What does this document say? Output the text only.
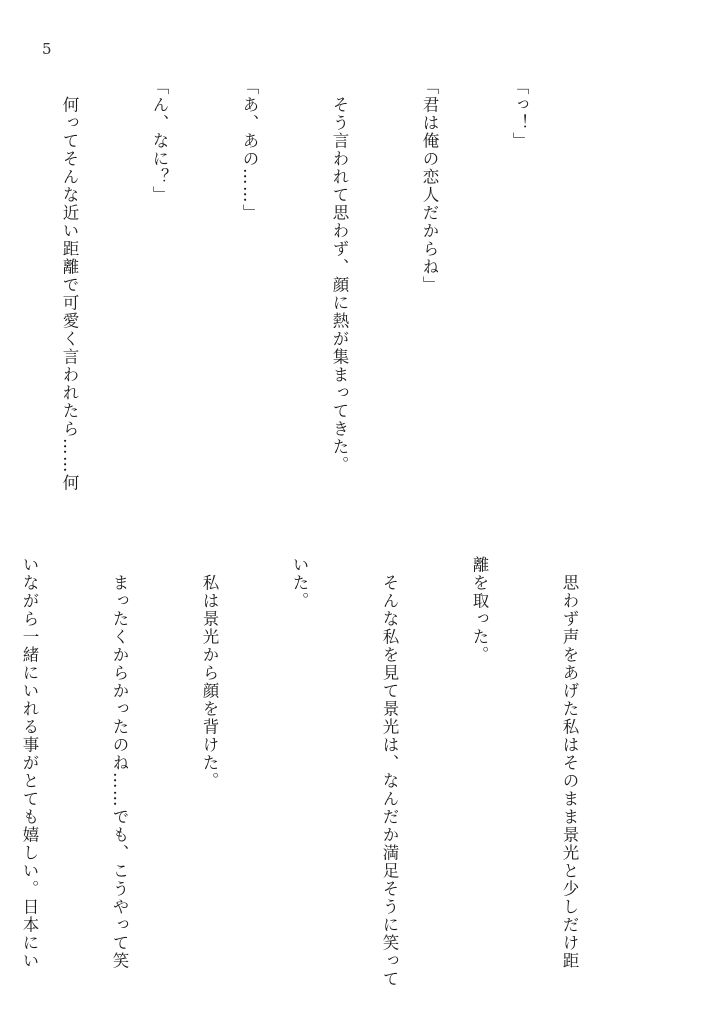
5

「っ！」

「君は俺の恋人だからね」

　そう言われて思わず、顔に熱が集まってきた。

「あ、あの……」

「ん、なに？」

　何ってそんな近い距離で可愛く言われたら……何

　思わず声をあげた私はそのまま景光と少しだけ距

離を取った。

　そんな私を見て景光は、なんだか満足そうに笑って

いた。

　私は景光から顔を背けた。

　まったくからかったのね……でも、こうやって笑

いながら一緒にいれる事がとても嬉しい。日本にい
